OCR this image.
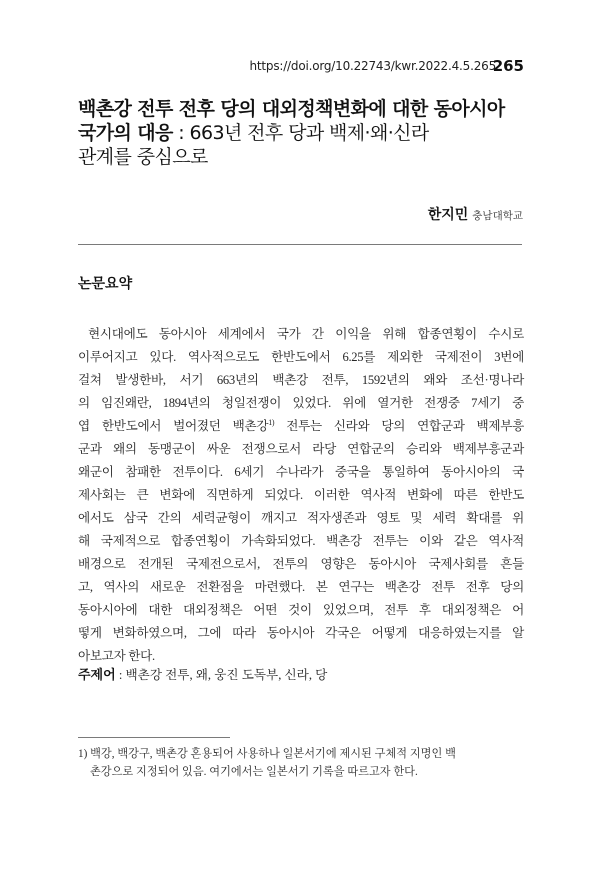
https://doi.org/10.22743/kwr.2022.4.5.265
265
백촌강 전투 전후 당의 대외정책변화에 대한 동아시아
국가의 대응 : 663년 전후 당과 백제·왜·신라
관계를 중심으로
한지민 충남대학교
논문요약
현시대에도 동아시아 세계에서 국가 간 이익을 위해 합종연횡이 수시로
이루어지고 있다. 역사적으로도 한반도에서 6.25를 제외한 국제전이 3번에
걸쳐 발생한바, 서기 663년의 백촌강 전투, 1592년의 왜와 조선·명나라
의 임진왜란, 1894년의 청일전쟁이 있었다. 위에 열거한 전쟁중 7세기 중
엽 한반도에서 벌어졌던 백촌강$^{1)}$ 전투는 신라와 당의 연합군과 백제부흥
군과 왜의 동맹군이 싸운 전쟁으로서 라당 연합군의 승리와 백제부흥군과
왜군이 참패한 전투이다. 6세기 수나라가 중국을 통일하여 동아시아의 국
제사회는 큰 변화에 직면하게 되었다. 이러한 역사적 변화에 따른 한반도
에서도 삼국 간의 세력균형이 깨지고 적자생존과 영토 및 세력 확대를 위
해 국제적으로 합종연횡이 가속화되었다. 백촌강 전투는 이와 같은 역사적
배경으로 전개된 국제전으로서, 전투의 영향은 동아시아 국제사회를 흔들
고, 역사의 새로운 전환점을 마련했다. 본 연구는 백촌강 전투 전후 당의
동아시아에 대한 대외정책은 어떤 것이 있었으며, 전투 후 대외정책은 어
떻게 변화하였으며, 그에 따라 동아시아 각국은 어떻게 대응하였는지를 알
아보고자 한다.
주제어 : 백촌강 전투, 왜, 웅진 도독부, 신라, 당
1) 백강, 백강구, 백촌강 혼용되어 사용하나 일본서기에 제시된 구체적 지명인 백
촌강으로 지정되어 있음. 여기에서는 일본서기 기록을 따르고자 한다.
